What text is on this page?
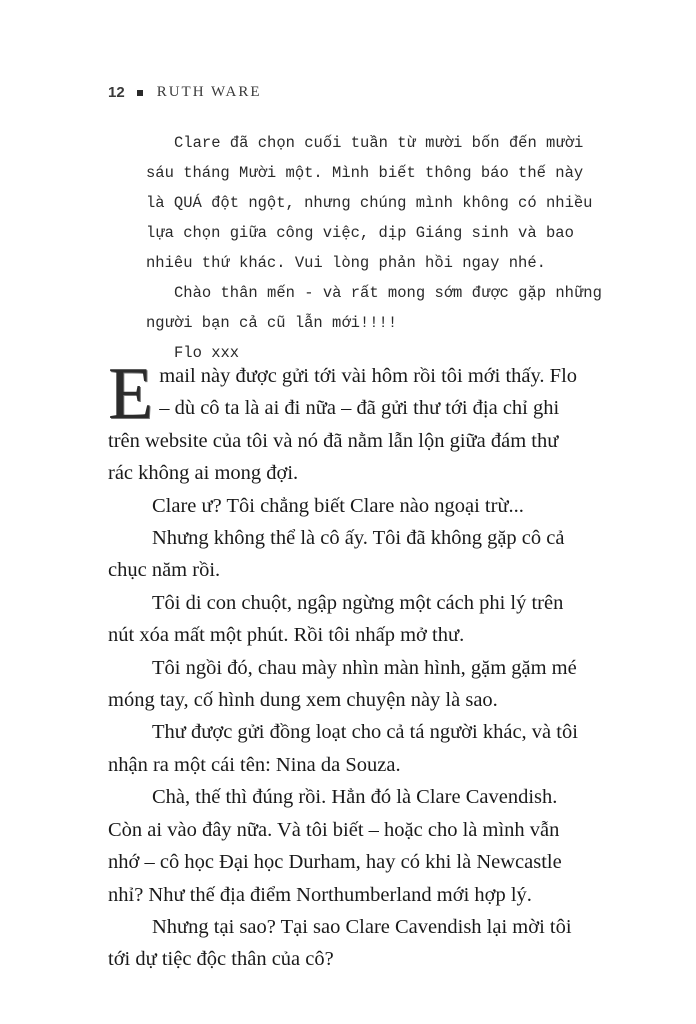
12 RUTH WARE
Clare đã chọn cuối tuần từ mười bốn đến mười
sáu tháng Mười một. Mình biết thông báo thế này
là QUÁ đột ngột, nhưng chúng mình không có nhiều
lựa chọn giữa công việc, dịp Giáng sinh và bao
nhiêu thứ khác. Vui lòng phản hồi ngay nhé.
Chào thân mến - và rất mong sớm được gặp những
người bạn cả cũ lẫn mới!!!!
Flo xxx
E mail này được gửi tới vài hôm rồi tôi mới thấy. Flo
– dù cô ta là ai đi nữa – đã gửi thư tới địa chỉ ghi
trên website của tôi và nó đã nằm lẫn lộn giữa đám thư
rác không ai mong đợi.
Clare ư? Tôi chẳng biết Clare nào ngoại trừ...
Nhưng không thể là cô ấy. Tôi đã không gặp cô cả
chục năm rồi.
Tôi di con chuột, ngập ngừng một cách phi lý trên
nút xóa mất một phút. Rồi tôi nhấp mở thư.
Tôi ngồi đó, chau mày nhìn màn hình, gặm gặm mé
móng tay, cố hình dung xem chuyện này là sao.
Thư được gửi đồng loạt cho cả tá người khác, và tôi
nhận ra một cái tên: Nina da Souza.
Chà, thế thì đúng rồi. Hẳn đó là Clare Cavendish.
Còn ai vào đây nữa. Và tôi biết – hoặc cho là mình vẫn
nhớ – cô học Đại học Durham, hay có khi là Newcastle
nhỉ? Như thế địa điểm Northumberland mới hợp lý.
Nhưng tại sao? Tại sao Clare Cavendish lại mời tôi
tới dự tiệc độc thân của cô?
